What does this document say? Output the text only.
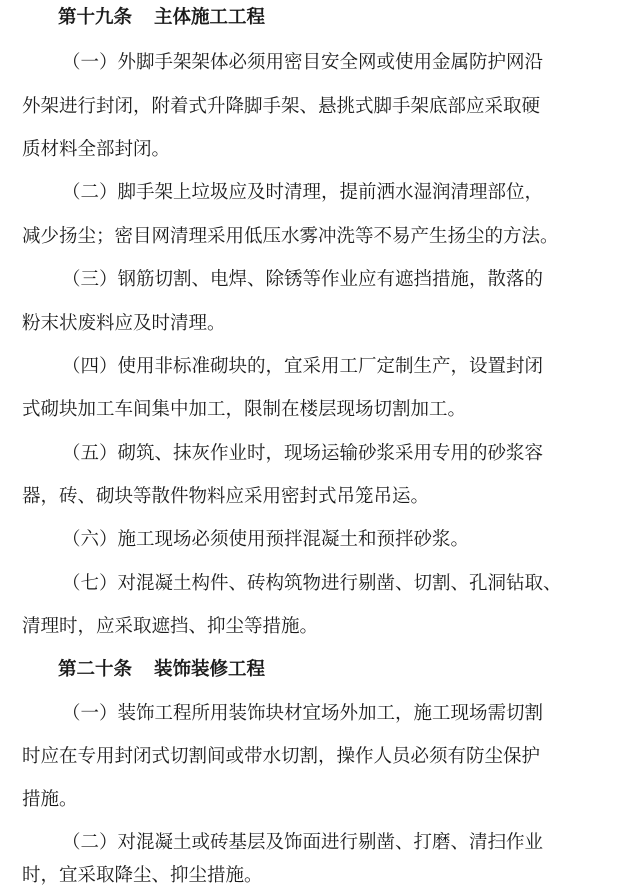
第十九条 主体施工工程
（一）外脚手架架体必须用密目安全网或使用金属防护网沿
外架进行封闭，附着式升降脚手架、悬挑式脚手架底部应采取硬
质材料全部封闭。
（二）脚手架上垃圾应及时清理，提前洒水湿润清理部位，
减少扬尘；密目网清理采用低压水雾冲洗等不易产生扬尘的方法。
（三）钢筋切割、电焊、除锈等作业应有遮挡措施，散落的
粉末状废料应及时清理。
（四）使用非标准砌块的，宜采用工厂定制生产，设置封闭
式砌块加工车间集中加工，限制在楼层现场切割加工。
（五）砌筑、抹灰作业时，现场运输砂浆采用专用的砂浆容
器，砖、砌块等散件物料应采用密封式吊笼吊运。
（六）施工现场必须使用预拌混凝土和预拌砂浆。
（七）对混凝土构件、砖构筑物进行剔凿、切割、孔洞钻取、
清理时，应采取遮挡、抑尘等措施。
第二十条 装饰装修工程
（一）装饰工程所用装饰块材宜场外加工，施工现场需切割
时应在专用封闭式切割间或带水切割，操作人员必须有防尘保护
措施。
（二）对混凝土或砖基层及饰面进行剔凿、打磨、清扫作业
时，宜采取降尘、抑尘措施。
